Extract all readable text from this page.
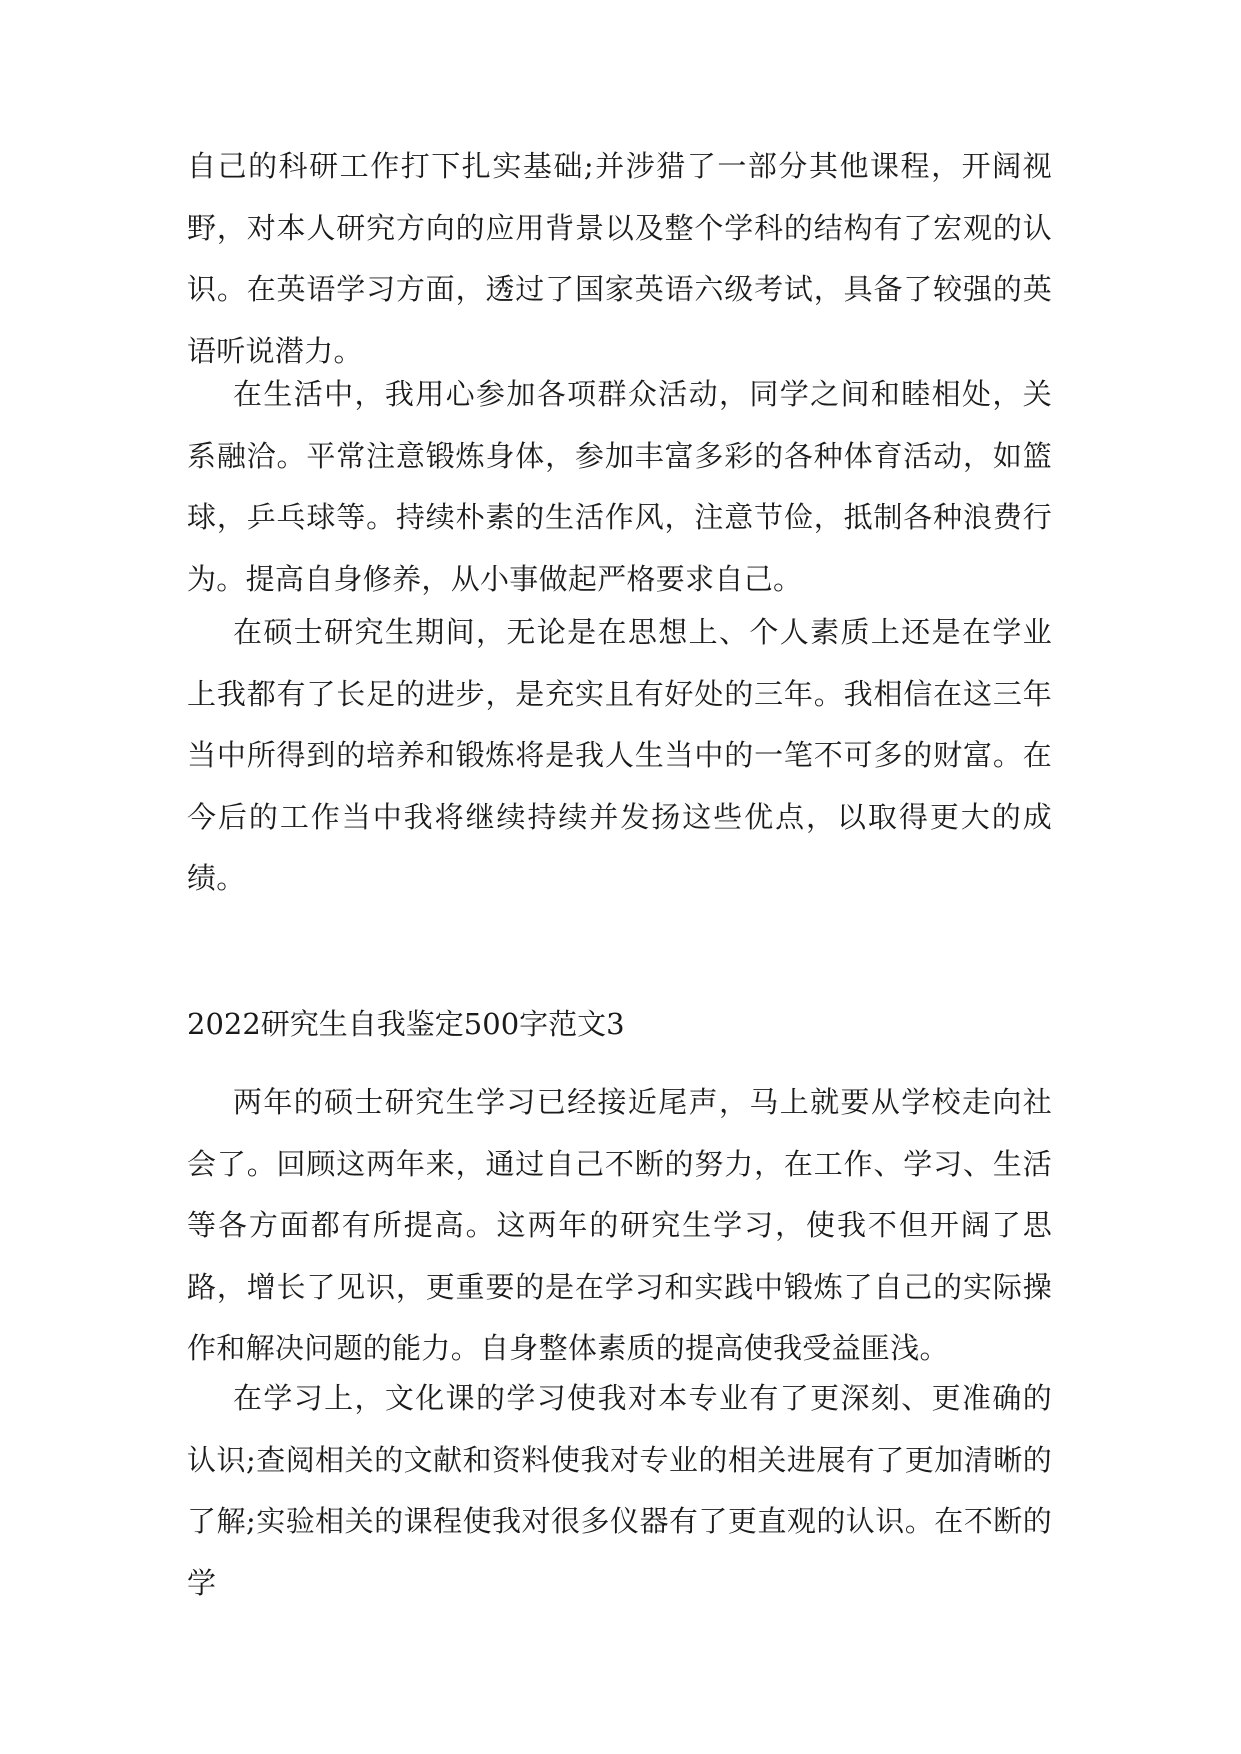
自己的科研工作打下扎实基础;并涉猎了一部分其他课程，开阔视野，对本人研究方向的应用背景以及整个学科的结构有了宏观的认识。在英语学习方面，透过了国家英语六级考试，具备了较强的英语听说潜力。

在生活中，我用心参加各项群众活动，同学之间和睦相处，关系融洽。平常注意锻炼身体，参加丰富多彩的各种体育活动，如篮球，乒乓球等。持续朴素的生活作风，注意节俭，抵制各种浪费行为。提高自身修养，从小事做起严格要求自己。

在硕士研究生期间，无论是在思想上、个人素质上还是在学业上我都有了长足的进步，是充实且有好处的三年。我相信在这三年当中所得到的培养和锻炼将是我人生当中的一笔不可多的财富。在今后的工作当中我将继续持续并发扬这些优点，以取得更大的成绩。

2022研究生自我鉴定500字范文3

两年的硕士研究生学习已经接近尾声，马上就要从学校走向社会了。回顾这两年来，通过自己不断的努力，在工作、学习、生活等各方面都有所提高。这两年的研究生学习，使我不但开阔了思路，增长了见识，更重要的是在学习和实践中锻炼了自己的实际操作和解决问题的能力。自身整体素质的提高使我受益匪浅。

在学习上，文化课的学习使我对本专业有了更深刻、更准确的认识;查阅相关的文献和资料使我对专业的相关进展有了更加清晰的了解;实验相关的课程使我对很多仪器有了更直观的认识。在不断的学
